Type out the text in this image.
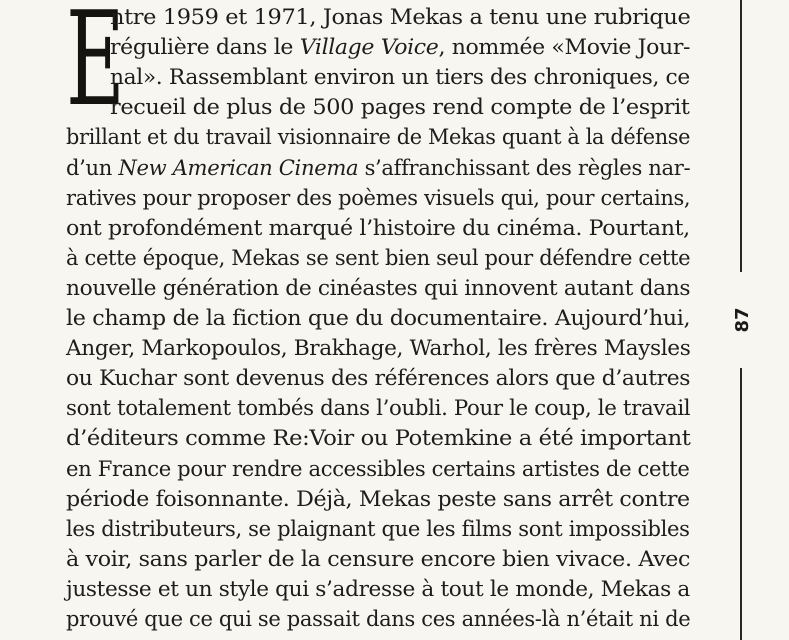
E
ntre 1959 et 1971, Jonas Mekas a tenu une rubrique
régulière dans le Village Voice, nommée «Movie Jour-
nal». Rassemblant environ un tiers des chroniques, ce
recueil de plus de 500 pages rend compte de l’esprit
brillant et du travail visionnaire de Mekas quant à la défense
d’un New American Cinema s’affranchissant des règles nar-
ratives pour proposer des poèmes visuels qui, pour certains,
ont profondément marqué l’histoire du cinéma. Pourtant,
à cette époque, Mekas se sent bien seul pour défendre cette
nouvelle génération de cinéastes qui innovent autant dans
le champ de la fiction que du documentaire. Aujourd’hui,
Anger, Markopoulos, Brakhage, Warhol, les frères Maysles
ou Kuchar sont devenus des références alors que d’autres
sont totalement tombés dans l’oubli. Pour le coup, le travail
d’éditeurs comme Re:Voir ou Potemkine a été important
en France pour rendre accessibles certains artistes de cette
période foisonnante. Déjà, Mekas peste sans arrêt contre
les distributeurs, se plaignant que les films sont impossibles
à voir, sans parler de la censure encore bien vivace. Avec
justesse et un style qui s’adresse à tout le monde, Mekas a
prouvé que ce qui se passait dans ces années-là n’était ni de
87
